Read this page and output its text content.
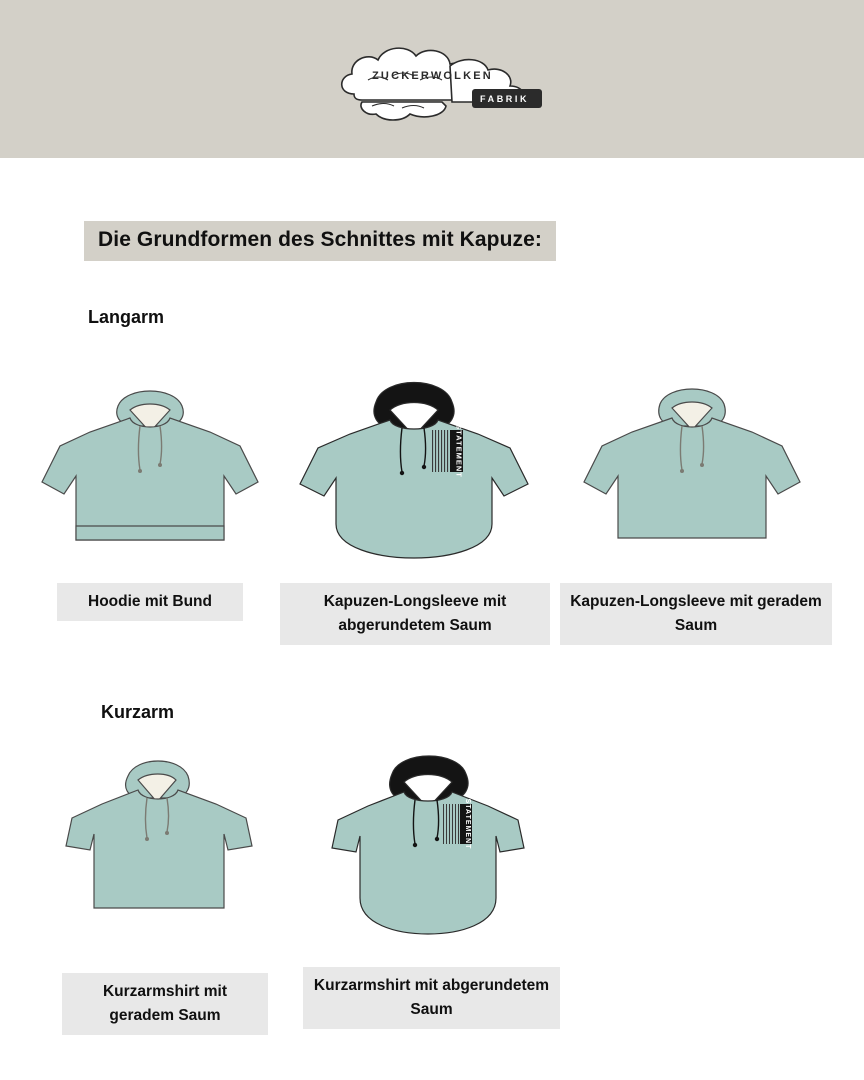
ZUCKERWOLKEN
FABRIK
Die Grundformen des Schnittes mit Kapuze:
Langarm
Kurzarm
Hoodie mit Bund
STATEMENT
Kapuzen-Longsleeve mit abgerundetem Saum
Kapuzen-Longsleeve mit geradem Saum
Kurzarmshirt mit geradem Saum
STATEMENT
Kurzarmshirt mit abgerundetem Saum
